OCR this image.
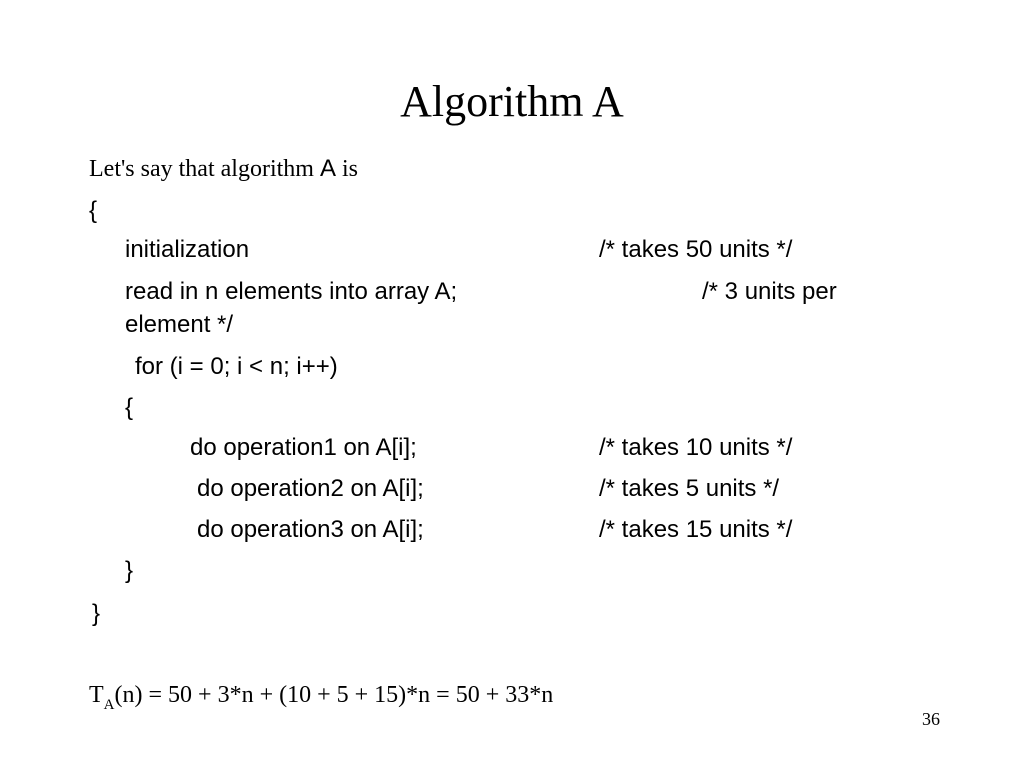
Algorithm A
Let's say that algorithm A is
{
initialization	/* takes 50 units */
read in n elements into array A;	/* 3 units per
element */
for (i = 0; i < n; i++)
{
do operation1 on A[i];	/* takes 10 units */
do operation2 on A[i];	/* takes 5 units */
do operation3 on A[i];	/* takes 15 units */
}
}
$T_A(n) = 50 + 3*n + (10 + 5 + 15)*n = 50 + 33*n$
36
